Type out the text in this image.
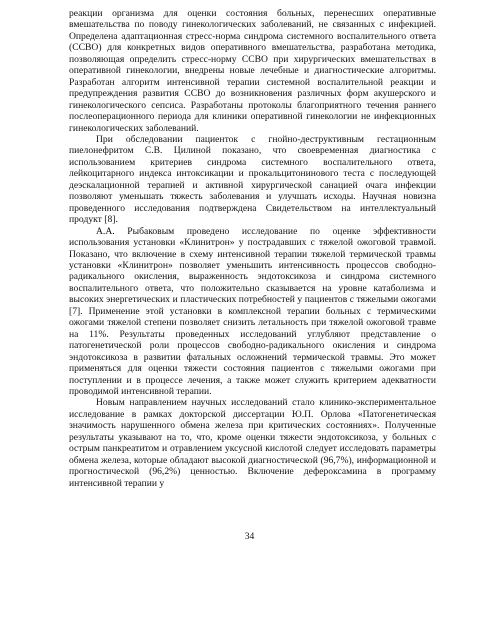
реакции организма для оценки состояния больных, перенесших оперативные вмешательства по поводу гинекологических заболеваний, не связанных с инфекцией. Определена адаптационная стресс-норма синдрома системного воспалительного ответа (ССВО) для конкретных видов оперативного вмешательства, разработана методика, позволяющая определить стресс-норму ССВО при хирургических вмешательствах в оперативной гинекологии, внедрены новые лечебные и диагностические алгоритмы. Разработан алгоритм интенсивной терапии системной воспалительной реакции и предупреждения развития ССВО до возникновения различных форм акушерского и гинекологического сепсиса. Разработаны протоколы благоприятного течения раннего послеоперационного периода для клиники оперативной гинекологии не инфекционных гинекологических заболеваний.

При обследовании пациенток с гнойно-деструктивным гестационным пиелонефритом С.В. Цилиной показано, что своевременная диагностика с использованием критериев синдрома системного воспалительного ответа, лейкоцитарного индекса интоксикации и прокальцитонинового теста с последующей деэскалационной терапией и активной хирургической санацией очага инфекции позволяют уменьшать тяжесть заболевания и улучшать исходы. Научная новизна проведенного исследования подтверждена Свидетельством на интеллектуальный продукт [8].

А.А. Рыбаковым проведено исследование по оценке эффективности использования установки «Клинитрон» у пострадавших с тяжелой ожоговой травмой. Показано, что включение в схему интенсивной терапии тяжелой термической травмы установки «Клинитрон» позволяет уменьшить интенсивность процессов свободно-радикального окисления, выраженность эндотоксикоза и синдрома системного воспалительного ответа, что положительно сказывается на уровне катаболизма и высоких энергетических и пластических потребностей у пациентов с тяжелыми ожогами [7]. Применение этой установки в комплексной терапии больных с термическими ожогами тяжелой степени позволяет снизить летальность при тяжелой ожоговой травме на 11%. Результаты проведенных исследований углубляют представление о патогенетической роли процессов свободно-радикального окисления и синдрома эндотоксикоза в развитии фатальных осложнений термической травмы. Это может применяться для оценки тяжести состояния пациентов с тяжелыми ожогами при поступлении и в процессе лечения, а также может служить критерием адекватности проводимой интенсивной терапии.

Новым направлением научных исследований стало клинико-экспериментальное исследование в рамках докторской диссертации Ю.П. Орлова «Патогенетическая значимость нарушенного обмена железа при критических состояниях». Полученные результаты указывают на то, что, кроме оценки тяжести эндотоксикоза, у больных с острым панкреатитом и отравлением уксусной кислотой следует исследовать параметры обмена железа, которые обладают высокой диагностической (96,7%), информационной и прогностической (96,2%) ценностью. Включение дефероксамина в программу интенсивной терапии у

34
